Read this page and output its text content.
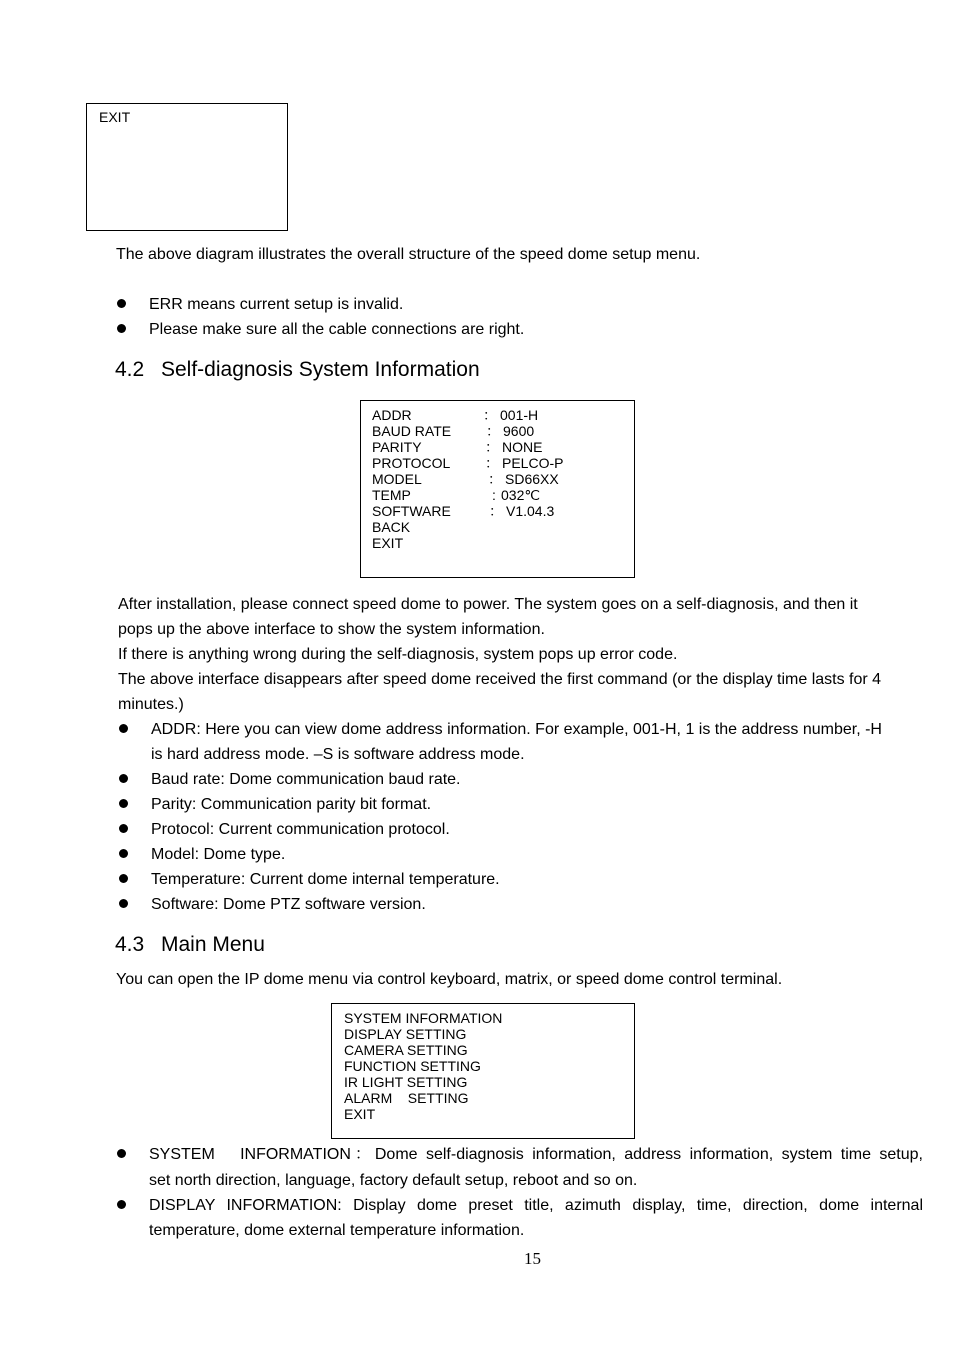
EXIT
The above diagram illustrates the overall structure of the speed dome setup menu.
ERR means current setup is invalid.
Please make sure all the cable connections are right.
4.2 Self-diagnosis System Information
ADDR	： 001-H
BAUD RATE ： 9600
PARITY	： NONE
PROTOCOL ： PELCO-P
MODEL	： SD66XX
TEMP	: 032℃
SOFTWARE	： V1.04.3
BACK
EXIT
After installation, please connect speed dome to power. The system goes on a self-diagnosis, and then it
pops up the above interface to show the system information.
If there is anything wrong during the self-diagnosis, system pops up error code.
The above interface disappears after speed dome received the first command (or the display time lasts for 4
minutes.)
ADDR: Here you can view dome address information. For example, 001-H, 1 is the address number, -H
is hard address mode. –S is software address mode.
Baud rate: Dome communication baud rate.
Parity: Communication parity bit format.
Protocol: Current communication protocol.
Model: Dome type.
Temperature: Current dome internal temperature.
Software: Dome PTZ software version.
4.3 Main Menu
You can open the IP dome menu via control keyboard, matrix, or speed dome control terminal.
SYSTEM INFORMATION
DISPLAY SETTING
CAMERA SETTING
FUNCTION SETTING
IR LIGHT SETTING
ALARM    SETTING
EXIT
SYSTEM   INFORMATION：Dome self-diagnosis information, address information, system time setup,
set north direction, language, factory default setup, reboot and so on.
DISPLAY  INFORMATION:  Display  dome  preset  title,  azimuth  display,  time,  direction,  dome  internal
temperature, dome external temperature information.
15
